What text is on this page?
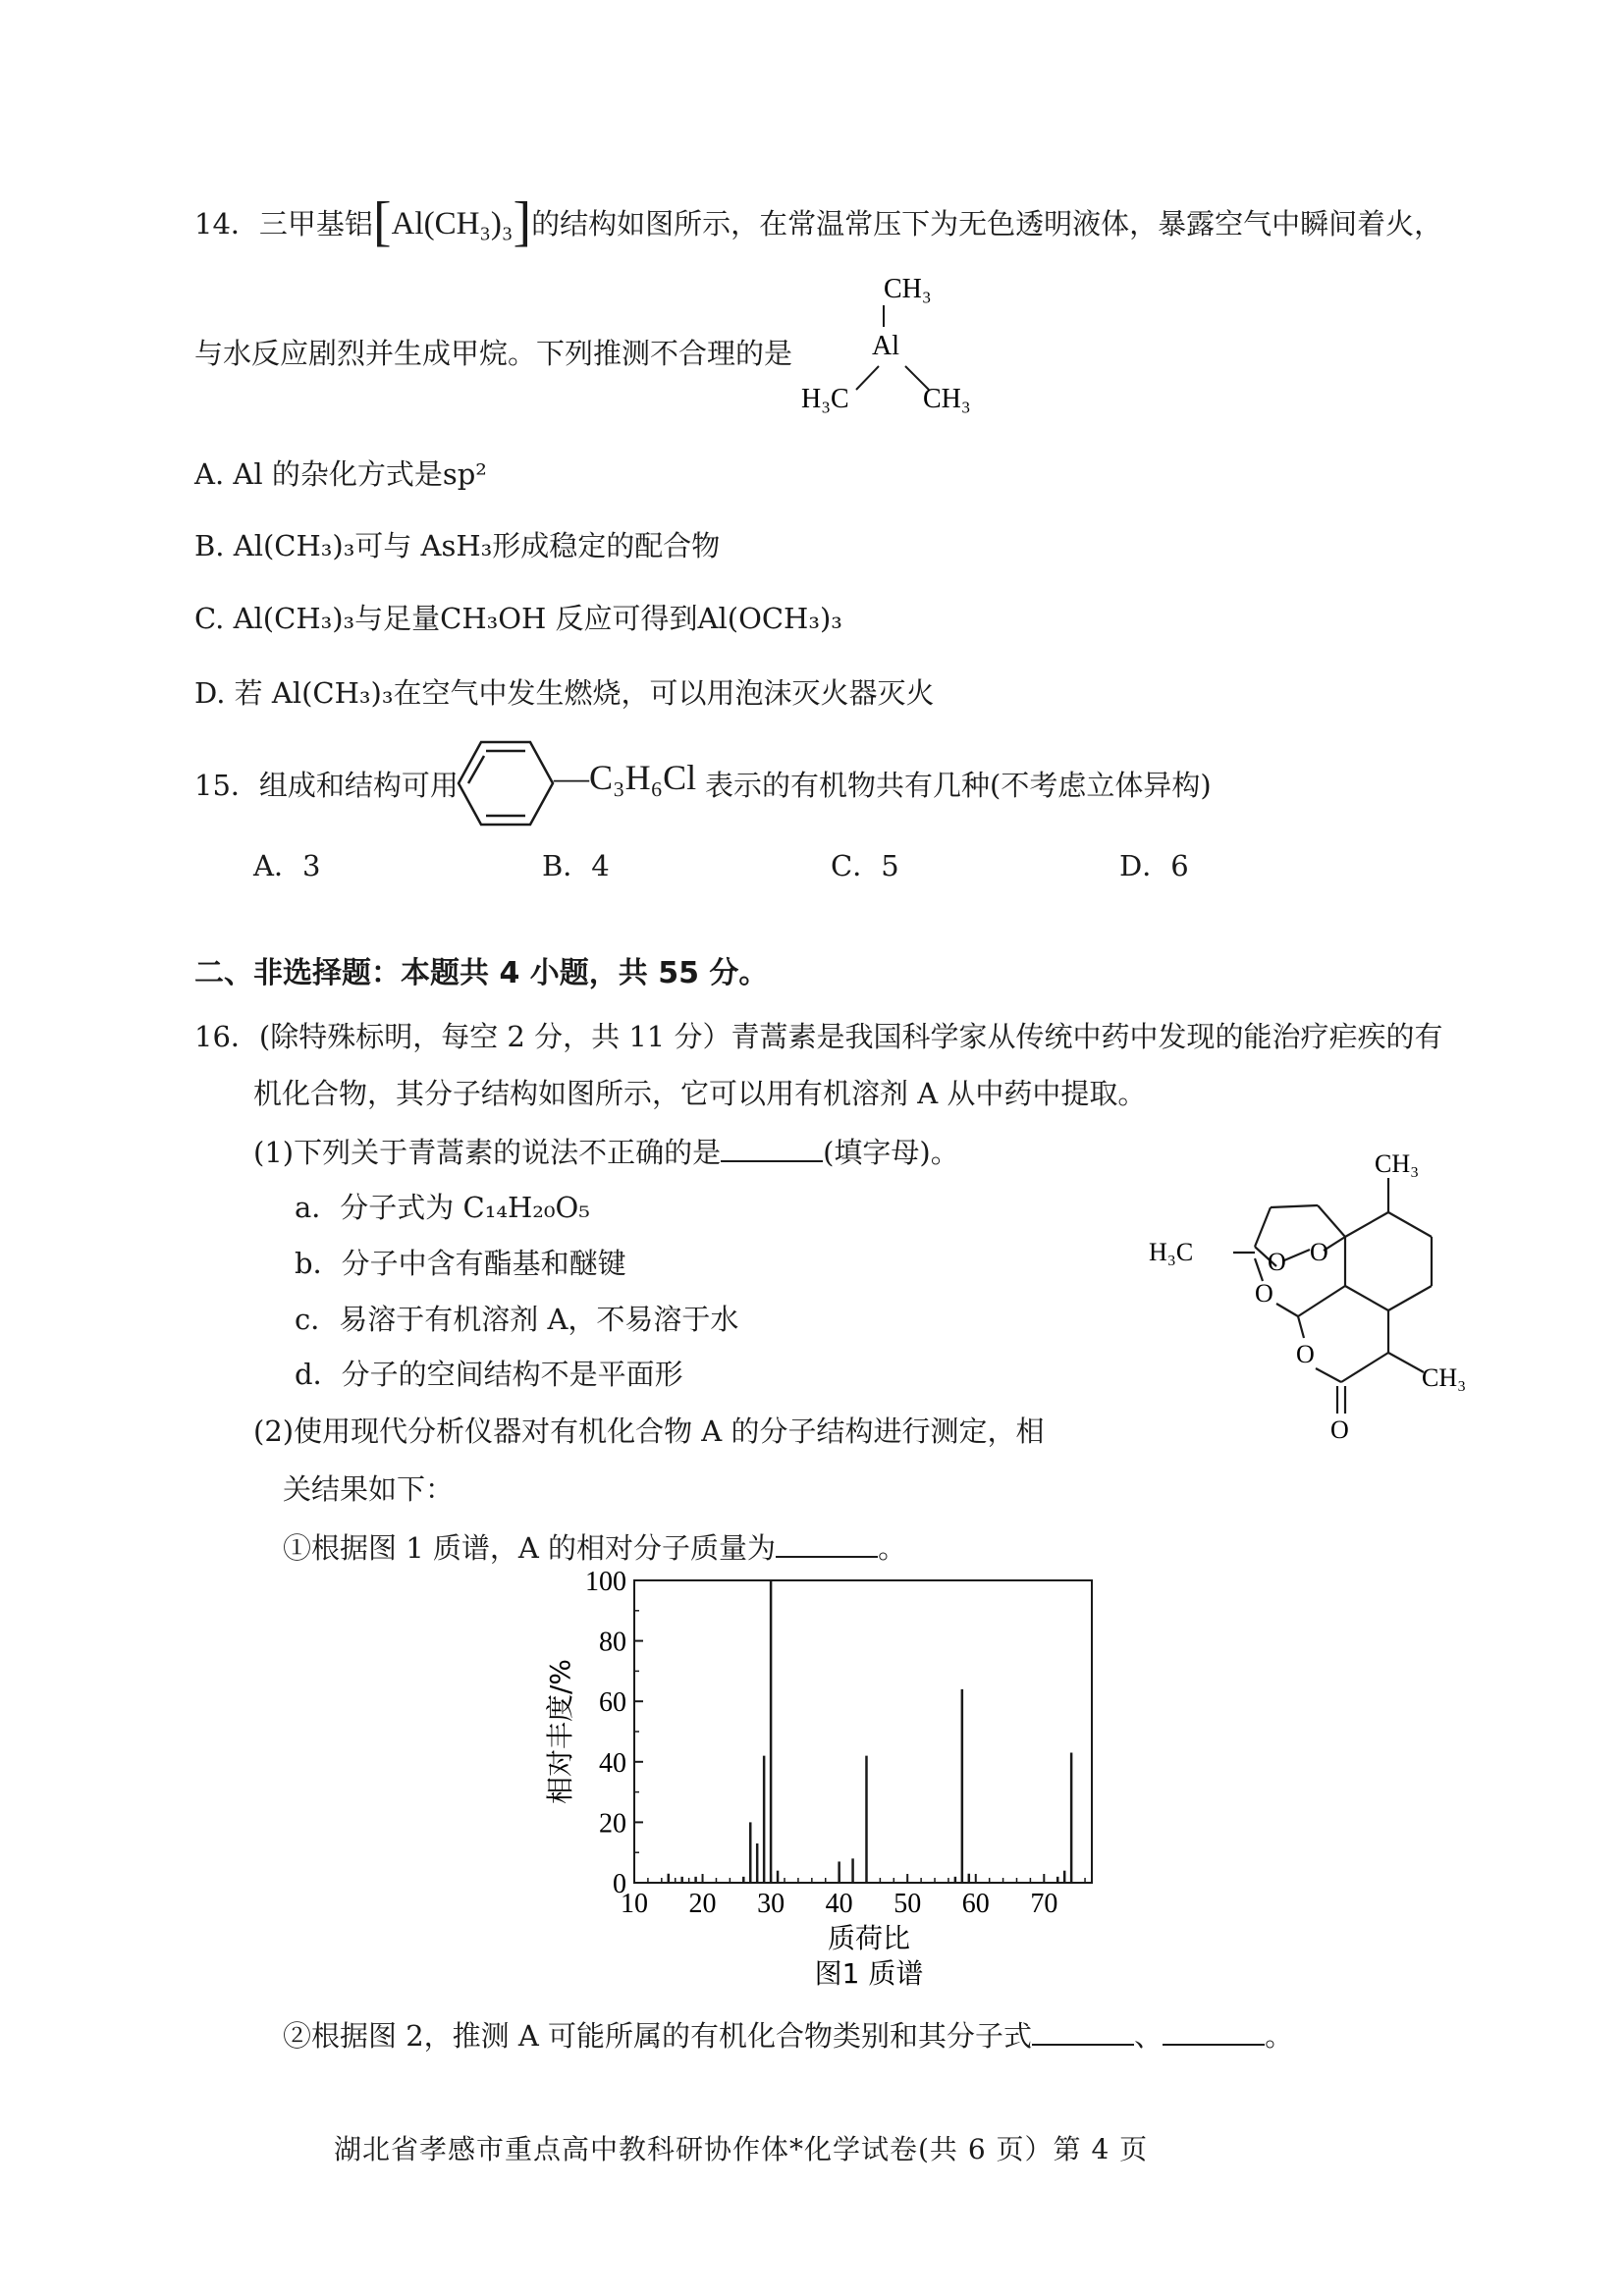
14．三甲基铝[Al(CH₃)₃]的结构如图所示，在常温常压下为无色透明液体，暴露空气中瞬间着火，
与水反应剧烈并生成甲烷。下列推测不合理的是
CH₃
Al
H₃C	CH₃
A. Al 的杂化方式是sp²
B. Al(CH₃)₃可与 AsH₃形成稳定的配合物
C. Al(CH₃)₃与足量CH₃OH 反应可得到Al(OCH₃)₃
D. 若 Al(CH₃)₃在空气中发生燃烧，可以用泡沫灭火器灭火
15．组成和结构可用	—C₃H₆Cl 表示的有机物共有几种(不考虑立体异构)
A．3	B．4	C．5	D．6
二、非选择题：本题共 4 小题，共 55 分。
16．(除特殊标明，每空 2 分，共 11 分）青蒿素是我国科学家从传统中药中发现的能治疗疟疾的有
机化合物，其分子结构如图所示，它可以用有机溶剂 A 从中药中提取。
(1)下列关于青蒿素的说法不正确的是	(填字母)。
a．分子式为 C₁₄H₂₀O₅
b．分子中含有酯基和醚键
c．易溶于有机溶剂 A，不易溶于水
d．分子的空间结构不是平面形
CH₃
H₃C	O O
O
O
O
CH₃
(2)使用现代分析仪器对有机化合物 A 的分子结构进行测定，相
关结果如下：
①根据图 1 质谱，A 的相对分子质量为	。
10 20 30 40 50 60 70
0
20
40
60
80
100
相对丰度/%
质荷比
图1 质谱
②根据图 2，推测 A 可能所属的有机化合物类别和其分子式	、	。
湖北省孝感市重点高中教科研协作体*化学试卷(共 6 页）第 4 页
